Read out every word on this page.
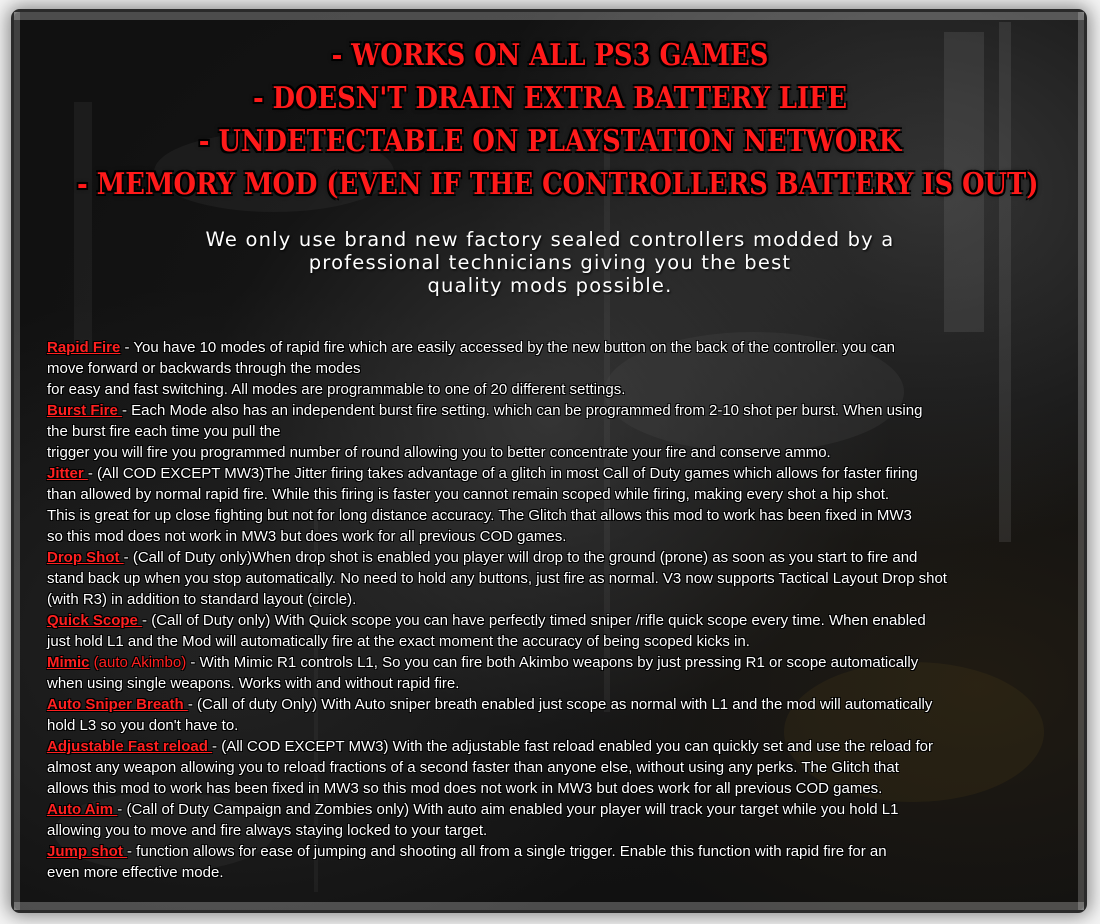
- WORKS ON ALL PS3 GAMES
- DOESN'T DRAIN EXTRA BATTERY LIFE
- UNDETECTABLE ON PLAYSTATION NETWORK
- MEMORY MOD (EVEN IF THE CONTROLLERS BATTERY IS OUT)
We only use brand new factory sealed controllers modded by a
professional technicians giving you the best
quality mods possible.
Rapid Fire - You have 10 modes of rapid fire which are easily accessed by the new button on the back of the controller. you can
move forward or backwards through the modes
for easy and fast switching. All modes are programmable to one of 20 different settings.
Burst Fire - Each Mode also has an independent burst fire setting. which can be programmed from 2-10 shot per burst. When using
the burst fire each time you pull the
trigger you will fire you programmed number of round allowing you to better concentrate your fire and conserve ammo.
Jitter - (All COD EXCEPT MW3)The Jitter firing takes advantage of a glitch in most Call of Duty games which allows for faster firing
than allowed by normal rapid fire. While this firing is faster you cannot remain scoped while firing, making every shot a hip shot.
This is great for up close fighting but not for long distance accuracy. The Glitch that allows this mod to work has been fixed in MW3
so this mod does not work in MW3 but does work for all previous COD games.
Drop Shot - (Call of Duty only)When drop shot is enabled you player will drop to the ground (prone) as soon as you start to fire and
stand back up when you stop automatically. No need to hold any buttons, just fire as normal. V3 now supports Tactical Layout Drop shot
(with R3) in addition to standard layout (circle).
Quick Scope - (Call of Duty only) With Quick scope you can have perfectly timed sniper /rifle quick scope every time. When enabled
just hold L1 and the Mod will automatically fire at the exact moment the accuracy of being scoped kicks in.
Mimic (auto Akimbo) - With Mimic R1 controls L1, So you can fire both Akimbo weapons by just pressing R1 or scope automatically
when using single weapons. Works with and without rapid fire.
Auto Sniper Breath - (Call of duty Only) With Auto sniper breath enabled just scope as normal with L1 and the mod will automatically
hold L3 so you don't have to.
Adjustable Fast reload - (All COD EXCEPT MW3) With the adjustable fast reload enabled you can quickly set and use the reload for
almost any weapon allowing you to reload fractions of a second faster than anyone else, without using any perks. The Glitch that
allows this mod to work has been fixed in MW3 so this mod does not work in MW3 but does work for all previous COD games.
Auto Aim - (Call of Duty Campaign and Zombies only) With auto aim enabled your player will track your target while you hold L1
allowing you to move and fire always staying locked to your target.
Jump shot - function allows for ease of jumping and shooting all from a single trigger. Enable this function with rapid fire for an
even more effective mode.
